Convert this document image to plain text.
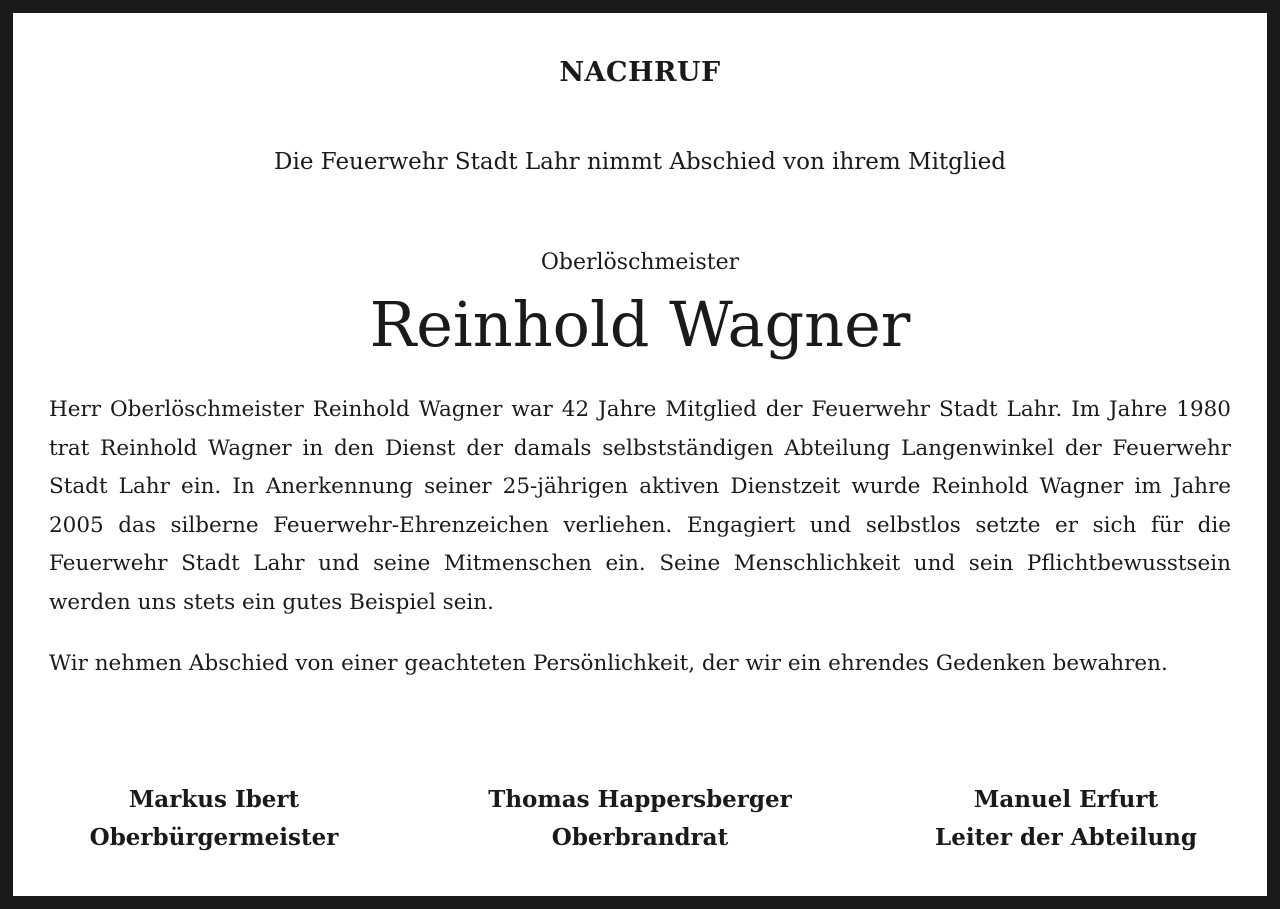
NACHRUF
Die Feuerwehr Stadt Lahr nimmt Abschied von ihrem Mitglied
Oberlöschmeister
Reinhold Wagner

Herr Oberlöschmeister Reinhold Wagner war 42 Jahre Mitglied der Feuerwehr Stadt Lahr. Im Jahre 1980 trat Reinhold Wagner in den Dienst der damals selbstständigen Abteilung Langenwinkel der Feuerwehr Stadt Lahr ein. In Anerkennung seiner 25-jährigen aktiven Dienstzeit wurde Reinhold Wagner im Jahre 2005 das silberne Feuerwehr-Ehrenzeichen verliehen. Engagiert und selbstlos setzte er sich für die Feuerwehr Stadt Lahr und seine Mitmenschen ein. Seine Menschlichkeit und sein Pflichtbewusstsein werden uns stets ein gutes Beispiel sein.

Wir nehmen Abschied von einer geachteten Persönlichkeit, der wir ein ehrendes Gedenken bewahren.

Markus Ibert
Oberbürgermeister
Thomas Happersberger
Oberbrandrat
Manuel Erfurt
Leiter der Abteilung
